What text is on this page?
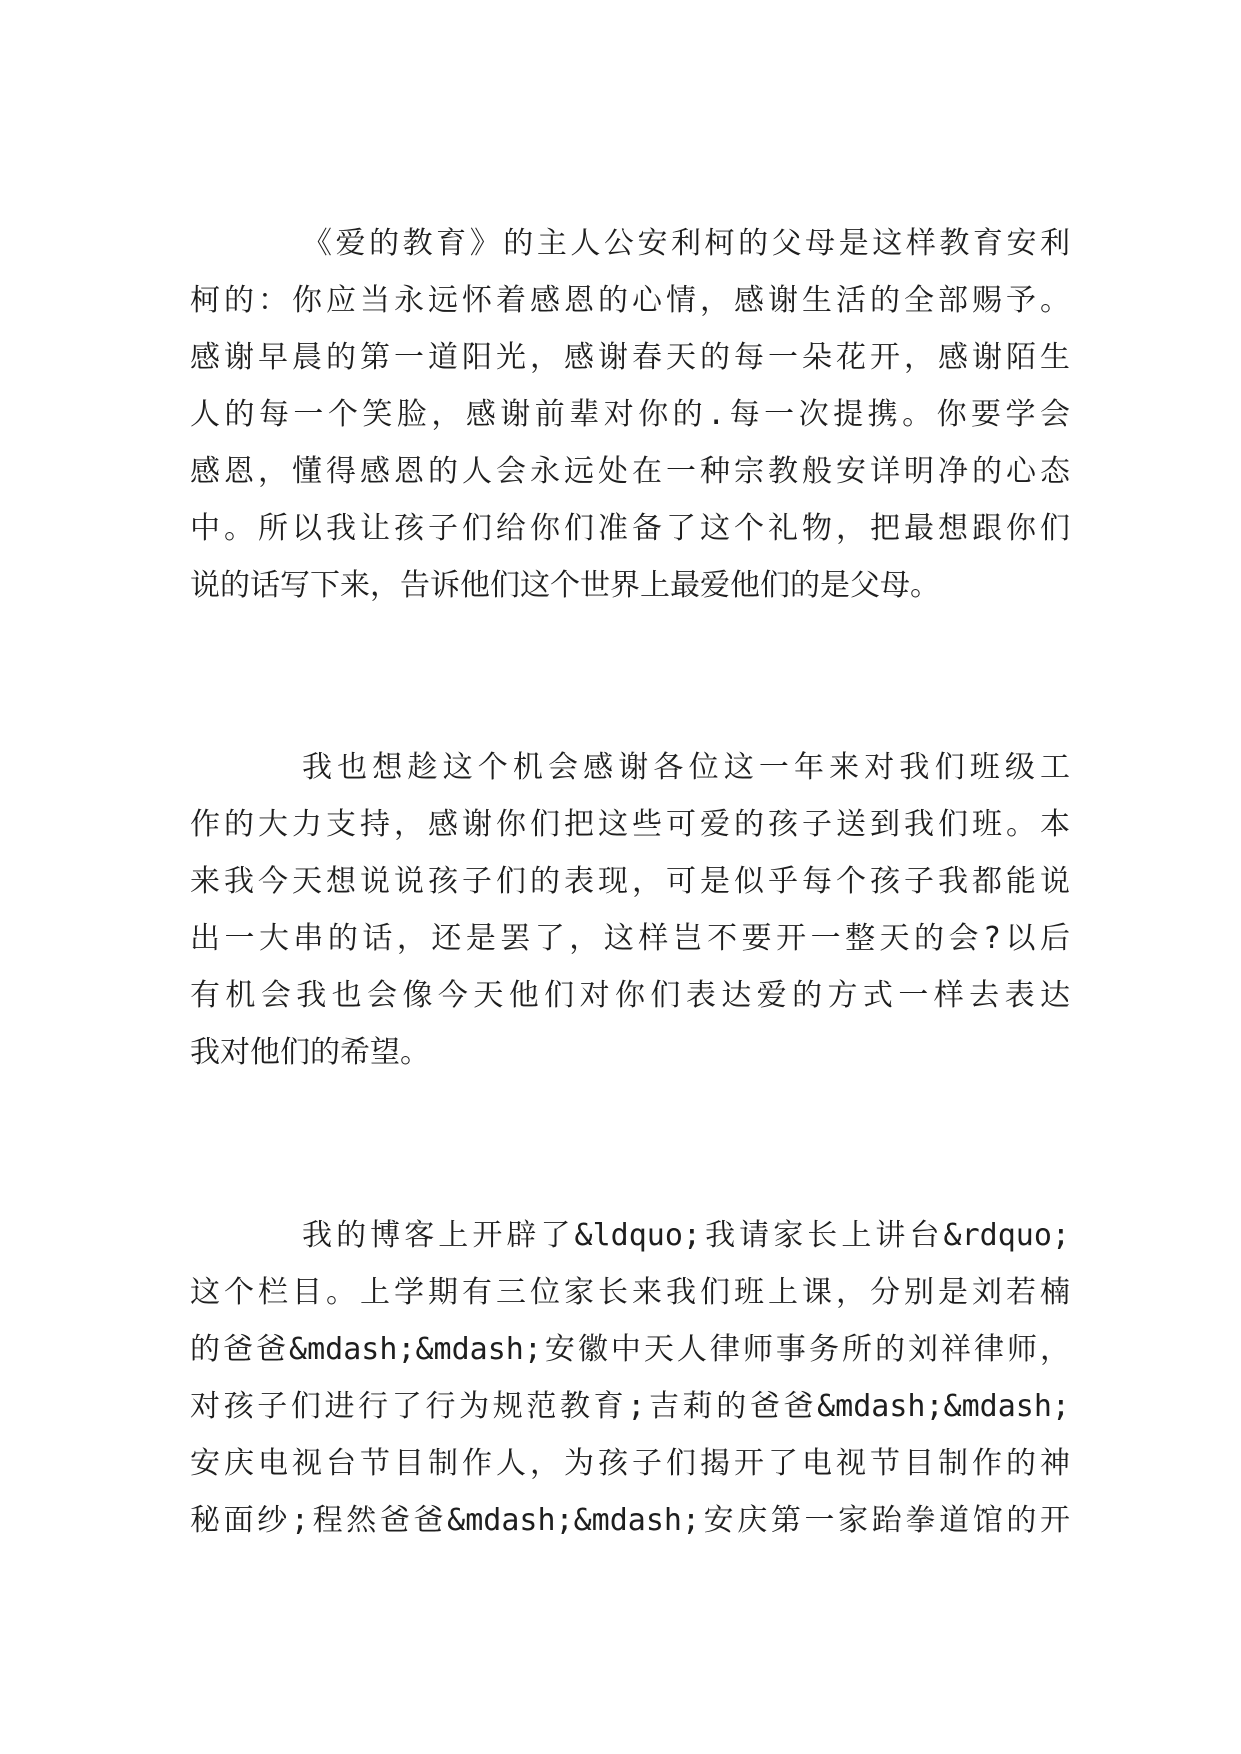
《爱的教育》的主人公安利柯的父母是这样教育安利
柯的：你应当永远怀着感恩的心情，感谢生活的全部赐予。
感谢早晨的第一道阳光，感谢春天的每一朵花开，感谢陌生
人的每一个笑脸，感谢前辈对你的.每一次提携。你要学会
感恩，懂得感恩的人会永远处在一种宗教般安详明净的心态
中。所以我让孩子们给你们准备了这个礼物，把最想跟你们
说的话写下来，告诉他们这个世界上最爱他们的是父母。
我也想趁这个机会感谢各位这一年来对我们班级工
作的大力支持，感谢你们把这些可爱的孩子送到我们班。本
来我今天想说说孩子们的表现，可是似乎每个孩子我都能说
出一大串的话，还是罢了，这样岂不要开一整天的会?以后
有机会我也会像今天他们对你们表达爱的方式一样去表达
我对他们的希望。
我的博客上开辟了&ldquo;我请家长上讲台&rdquo;
这个栏目。上学期有三位家长来我们班上课，分别是刘若楠
的爸爸&mdash;&mdash;安徽中天人律师事务所的刘祥律师，
对孩子们进行了行为规范教育;吉莉的爸爸&mdash;&mdash;
安庆电视台节目制作人，为孩子们揭开了电视节目制作的神
秘面纱;程然爸爸&mdash;&mdash;安庆第一家跆拳道馆的开
